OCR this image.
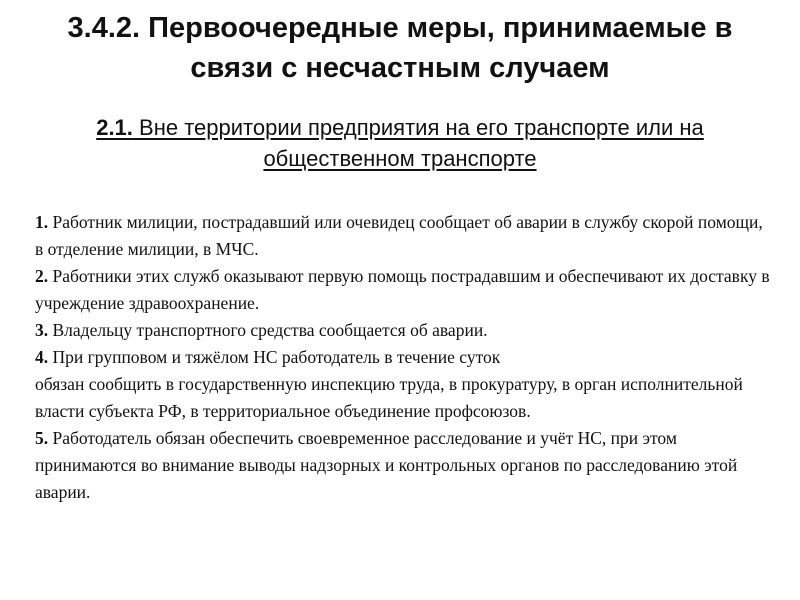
3.4.2. Первоочередные меры, принимаемые в
связи с несчастным случаем
2.1. Вне территории предприятия на его транспорте или на
общественном транспорте

1. Работник милиции, пострадавший или очевидец сообщает об аварии в службу скорой помощи, в отделение милиции, в МЧС.

2. Работники этих служб оказывают первую помощь пострадавшим и обеспечивают их доставку в учреждение здравоохранение.

3. Владельцу транспортного средства сообщается об аварии.

4. При групповом и тяжёлом НС работодатель в течение суток
обязан сообщить в государственную инспекцию труда, в прокуратуру, в орган исполнительной власти субъекта РФ, в территориальное объединение профсоюзов.

5. Работодатель обязан обеспечить своевременное расследование и учёт НС, при этом принимаются во внимание выводы надзорных и контрольных органов по расследованию этой аварии.
